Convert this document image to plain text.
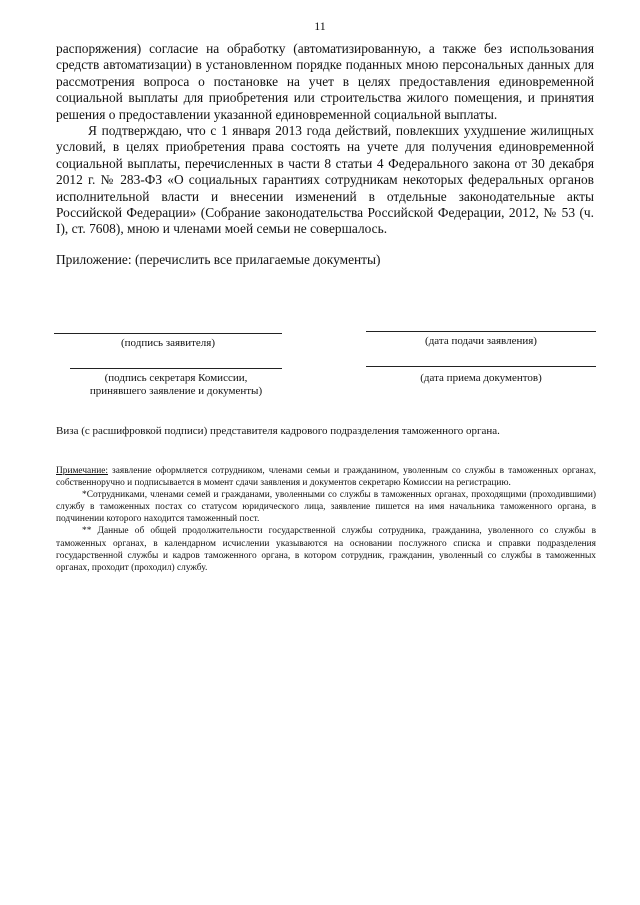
11

распоряжения) согласие на обработку (автоматизированную, а также без использования средств автоматизации) в установленном порядке поданных мною персональных данных для рассмотрения вопроса о постановке на учет в целях предоставления единовременной социальной выплаты для приобретения или строительства жилого помещения, и принятия решения о предоставлении указанной единовременной социальной выплаты.

Я подтверждаю, что с 1 января 2013 года действий, повлекших ухудшение жилищных условий, в целях приобретения права состоять на учете для получения единовременной социальной выплаты, перечисленных в части 8 статьи 4 Федерального закона от 30 декабря 2012 г. № 283-ФЗ «О социальных гарантиях сотрудникам некоторых федеральных органов исполнительной власти и внесении изменений в отдельные законодательные акты Российской Федерации» (Собрание законодательства Российской Федерации, 2012, № 53 (ч. I), ст. 7608), мною и членами моей семьи не совершалось.

Приложение: (перечислить все прилагаемые документы)

(подпись заявителя)	(дата подачи заявления)
(подпись секретаря Комиссии,
принявшего заявление и документы)
(дата приема документов)
Виза (с расшифровкой подписи) представителя кадрового подразделения таможенного органа.

Примечание: заявление оформляется сотрудником, членами семьи и гражданином, уволенным со службы в таможенных органах, собственноручно и подписывается в момент сдачи заявления и документов секретарю Комиссии на регистрацию.

*Сотрудниками, членами семей и гражданами, уволенными со службы в таможенных органах, проходящими (проходившими) службу в таможенных постах со статусом юридического лица, заявление пишется на имя начальника таможенного органа, в подчинении которого находится таможенный пост.

** Данные об общей продолжительности государственной службы сотрудника, гражданина, уволенного со службы в таможенных органах, в календарном исчислении указываются на основании послужного списка и справки подразделения государственной службы и кадров таможенного органа, в котором сотрудник, гражданин, уволенный со службы в таможенных органах, проходит (проходил) службу.
